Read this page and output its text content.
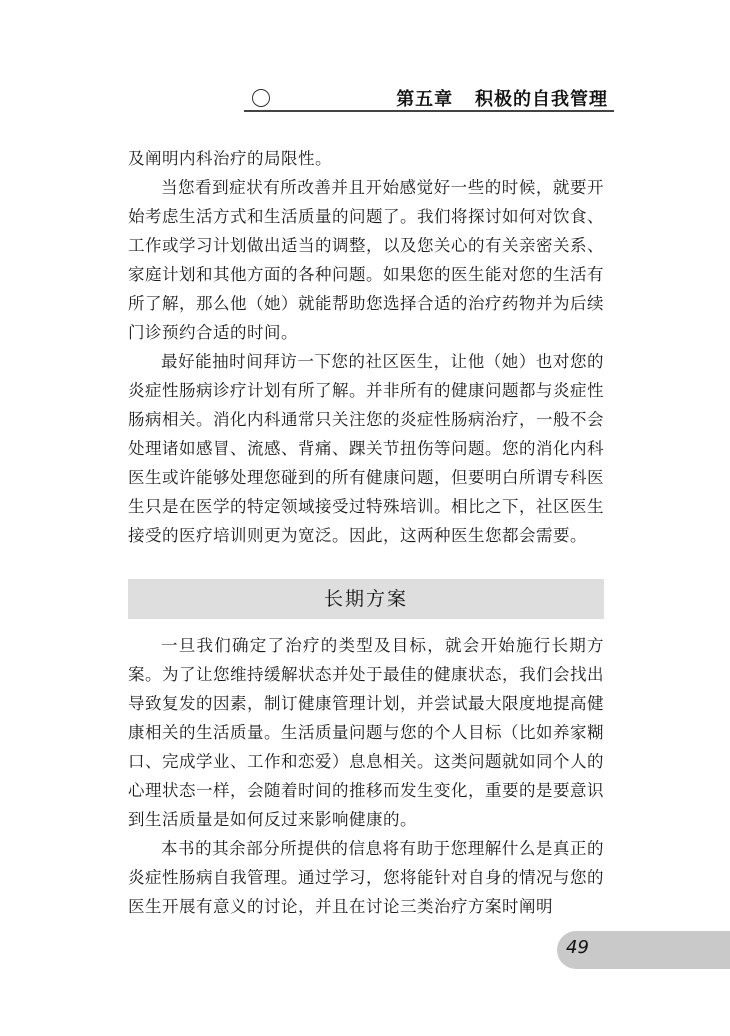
第五章   积极的自我管理

及阐明内科治疗的局限性。

当您看到症状有所改善并且开始感觉好一些的时候，就要开始考虑生活方式和生活质量的问题了。我们将探讨如何对饮食、工作或学习计划做出适当的调整，以及您关心的有关亲密关系、家庭计划和其他方面的各种问题。如果您的医生能对您的生活有所了解，那么他（她）就能帮助您选择合适的治疗药物并为后续门诊预约合适的时间。

最好能抽时间拜访一下您的社区医生，让他（她）也对您的炎症性肠病诊疗计划有所了解。并非所有的健康问题都与炎症性肠病相关。消化内科通常只关注您的炎症性肠病治疗，一般不会处理诸如感冒、流感、背痛、踝关节扭伤等问题。您的消化内科医生或许能够处理您碰到的所有健康问题，但要明白所谓专科医生只是在医学的特定领域接受过特殊培训。相比之下，社区医生接受的医疗培训则更为宽泛。因此，这两种医生您都会需要。

长期方案

一旦我们确定了治疗的类型及目标，就会开始施行长期方案。为了让您维持缓解状态并处于最佳的健康状态，我们会找出导致复发的因素，制订健康管理计划，并尝试最大限度地提高健康相关的生活质量。生活质量问题与您的个人目标（比如养家糊口、完成学业、工作和恋爱）息息相关。这类问题就如同个人的心理状态一样，会随着时间的推移而发生变化，重要的是要意识到生活质量是如何反过来影响健康的。

本书的其余部分所提供的信息将有助于您理解什么是真正的炎症性肠病自我管理。通过学习，您将能针对自身的情况与您的医生开展有意义的讨论，并且在讨论三类治疗方案时阐明

49
